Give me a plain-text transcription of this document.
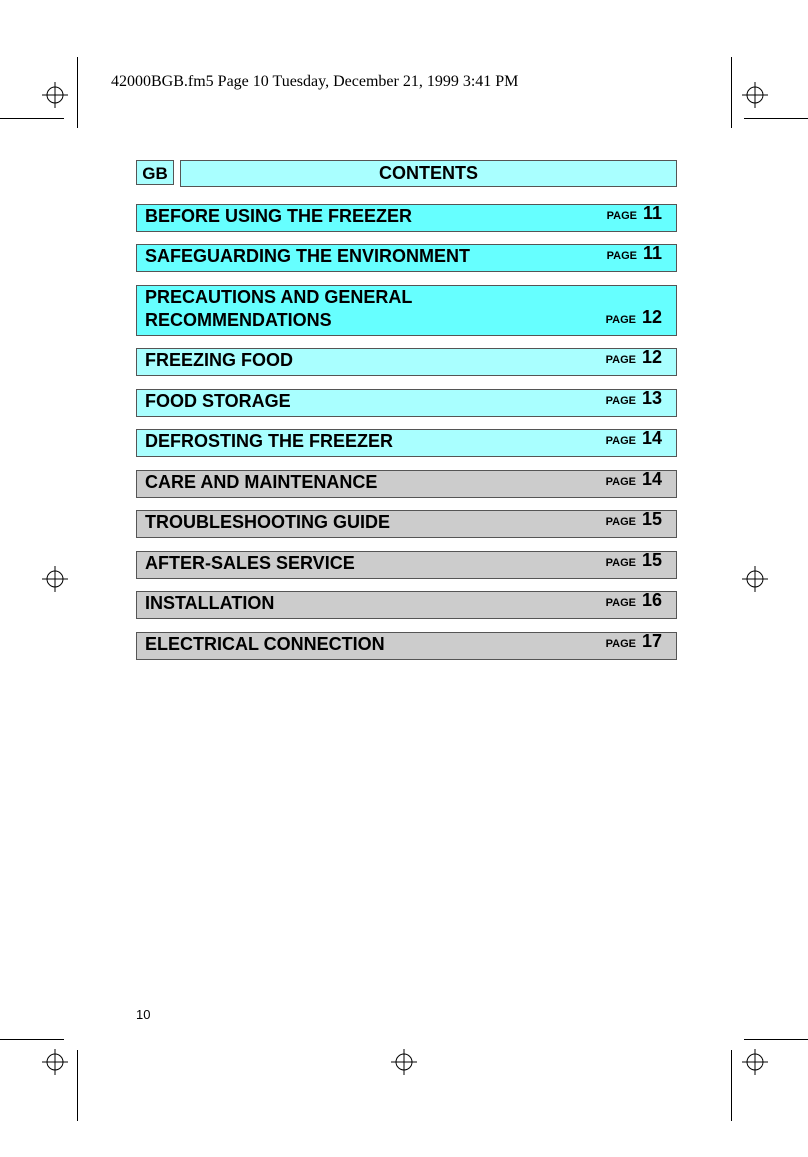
42000BGB.fm5 Page 10 Tuesday, December 21, 1999 3:41 PM
GB	CONTENTS
BEFORE USING THE FREEZER	PAGE 11
SAFEGUARDING THE ENVIRONMENT	PAGE 11
PRECAUTIONS AND GENERAL
RECOMMENDATIONS	PAGE 12
FREEZING FOOD	PAGE 12
FOOD STORAGE	PAGE 13
DEFROSTING THE FREEZER	PAGE 14
CARE AND MAINTENANCE	PAGE 14
TROUBLESHOOTING GUIDE	PAGE 15
AFTER-SALES SERVICE	PAGE 15
INSTALLATION	PAGE 16
ELECTRICAL CONNECTION	PAGE 17
10
